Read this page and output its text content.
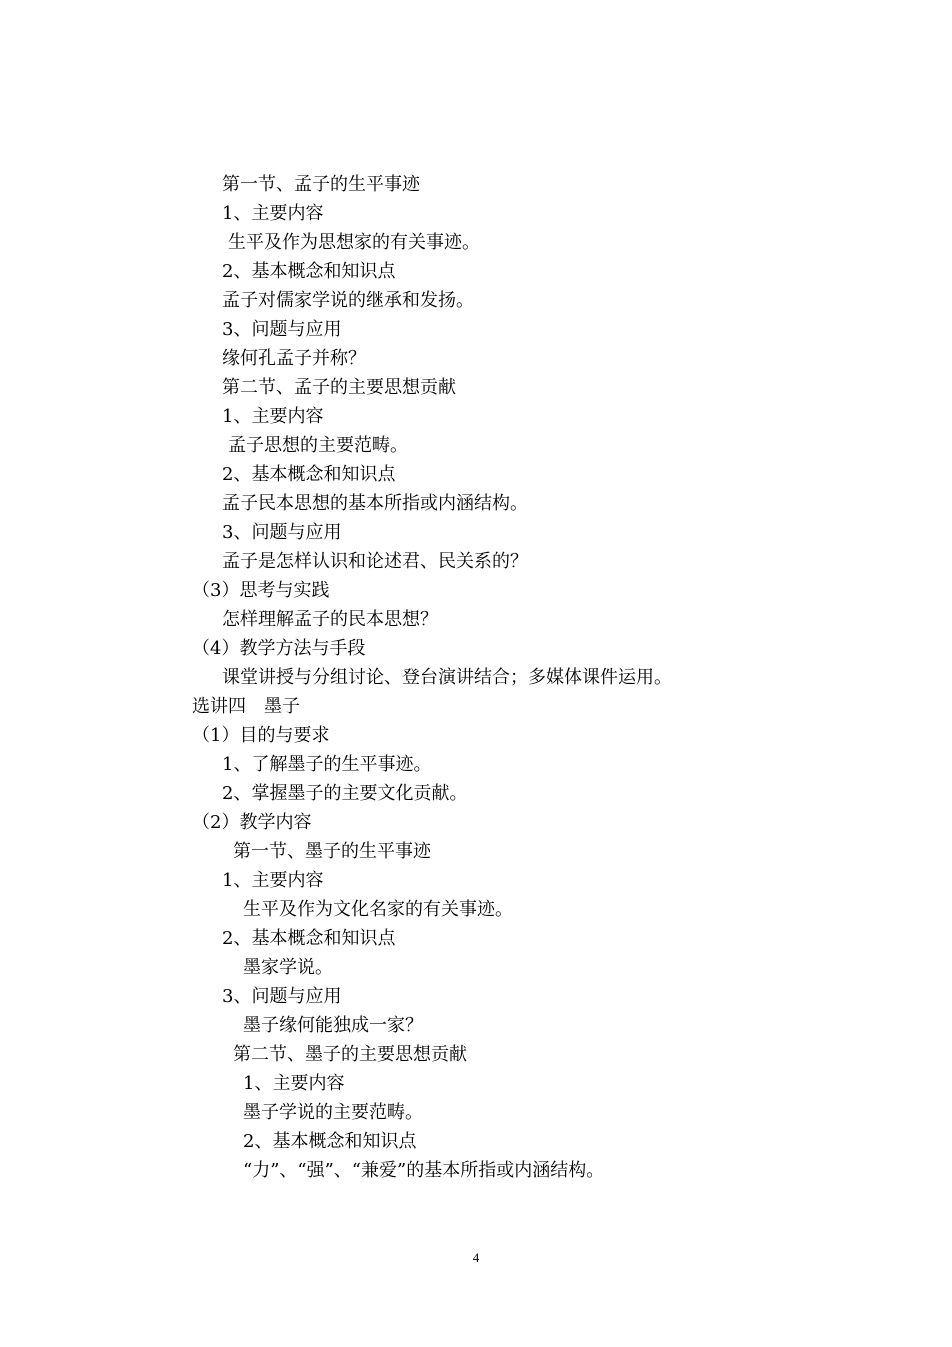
第一节、孟子的生平事迹
1、主要内容
生平及作为思想家的有关事迹。
2、基本概念和知识点
孟子对儒家学说的继承和发扬。
3、问题与应用
缘何孔孟子并称？
第二节、孟子的主要思想贡献
1、主要内容
孟子思想的主要范畴。
2、基本概念和知识点
孟子民本思想的基本所指或内涵结构。
3、问题与应用
孟子是怎样认识和论述君、民关系的？
（3）思考与实践
怎样理解孟子的民本思想？
（4）教学方法与手段
课堂讲授与分组讨论、登台演讲结合；多媒体课件运用。
选讲四　墨子
（1）目的与要求
1、了解墨子的生平事迹。
2、掌握墨子的主要文化贡献。
（2）教学内容
第一节、墨子的生平事迹
1、主要内容
生平及作为文化名家的有关事迹。
2、基本概念和知识点
墨家学说。
3、问题与应用
墨子缘何能独成一家？
第二节、墨子的主要思想贡献
1、主要内容
墨子学说的主要范畴。
2、基本概念和知识点
“力”、“强”、“兼爱”的基本所指或内涵结构。
4
